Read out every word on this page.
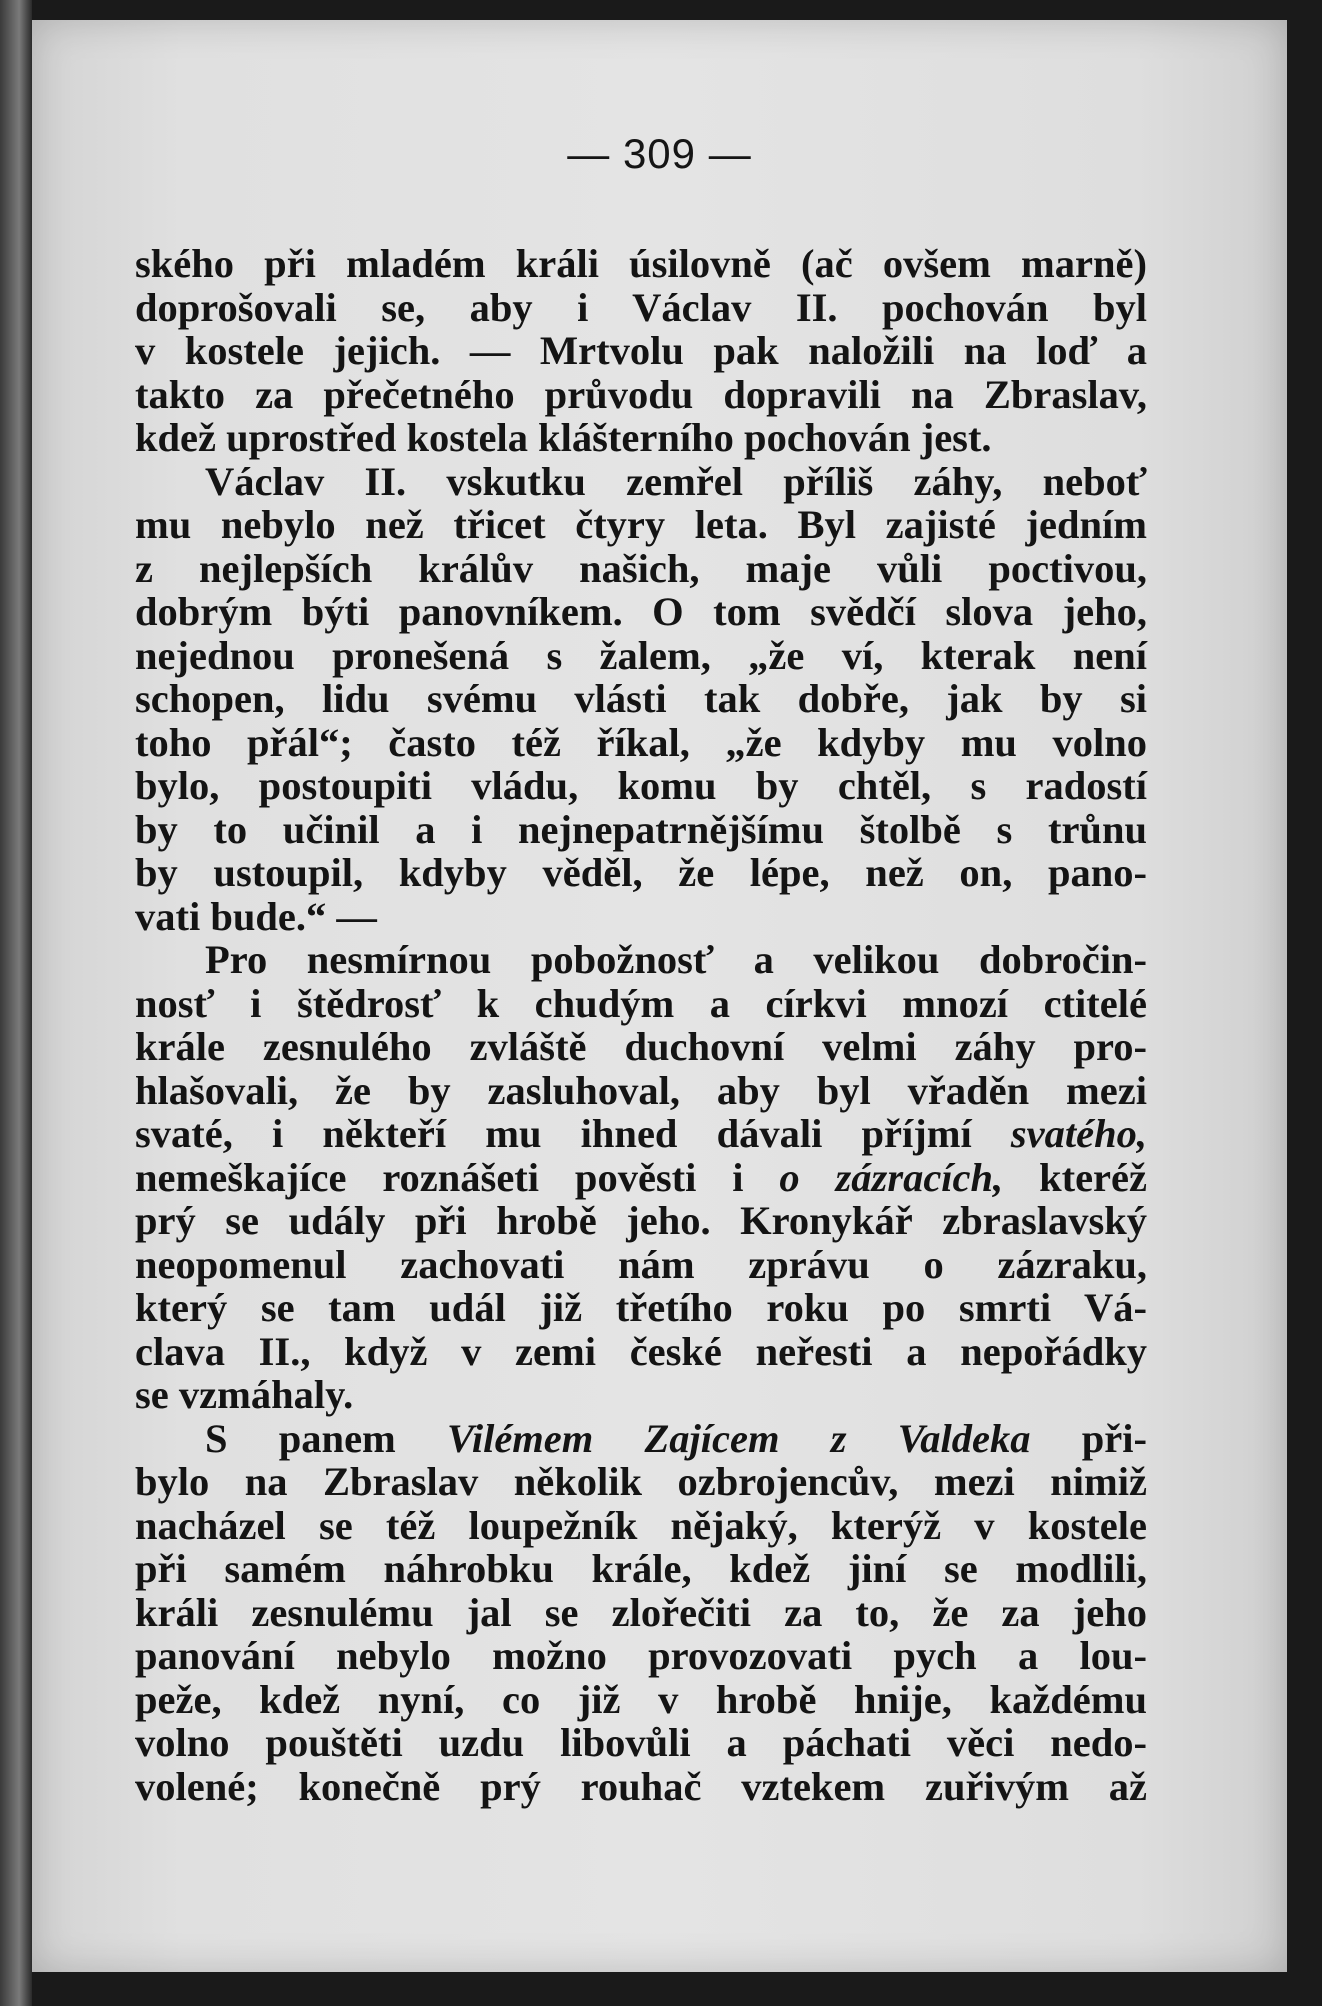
— 309 —
ského při mladém králi úsilovně (ač ovšem marně)
doprošovali se, aby i Václav II. pochován byl
v kostele jejich. — Mrtvolu pak naložili na loď a
takto za přečetného průvodu dopravili na Zbraslav,
kdež uprostřed kostela klášterního pochován jest.
Václav II. vskutku zemřel příliš záhy, neboť
mu nebylo než třicet čtyry leta. Byl zajisté jedním
z nejlepších králův našich, maje vůli poctivou,
dobrým býti panovníkem. O tom svědčí slova jeho,
nejednou pronešená s žalem, „že ví, kterak není
schopen, lidu svému vlásti tak dobře, jak by si
toho přál“; často též říkal, „že kdyby mu volno
bylo, postoupiti vládu, komu by chtěl, s radostí
by to učinil a i nejnepatrnějšímu štolbě s trůnu
by ustoupil, kdyby věděl, že lépe, než on, pano-
vati bude.“ —
Pro nesmírnou pobožnosť a velikou dobročin-
nosť i štědrosť k chudým a církvi mnozí ctitelé
krále zesnulého zvláště duchovní velmi záhy pro-
hlašovali, že by zasluhoval, aby byl vřaděn mezi
svaté, i někteří mu ihned dávali příjmí svatého,
nemeškajíce roznášeti pověsti i o zázracích, kteréž
prý se udály při hrobě jeho. Kronykář zbraslavský
neopomenul zachovati nám zprávu o zázraku,
který se tam udál již třetího roku po smrti Vá-
clava II., když v zemi české neřesti a nepořádky
se vzmáhaly.
S panem Vilémem Zajícem z Valdeka při-
bylo na Zbraslav několik ozbrojencův, mezi nimiž
nacházel se též loupežník nějaký, kterýž v kostele
při samém náhrobku krále, kdež jiní se modlili,
králi zesnulému jal se zlořečiti za to, že za jeho
panování nebylo možno provozovati pych a lou-
peže, kdež nyní, co již v hrobě hnije, každému
volno pouštěti uzdu libovůli a páchati věci nedo-
volené; konečně prý rouhač vztekem zuřivým až
